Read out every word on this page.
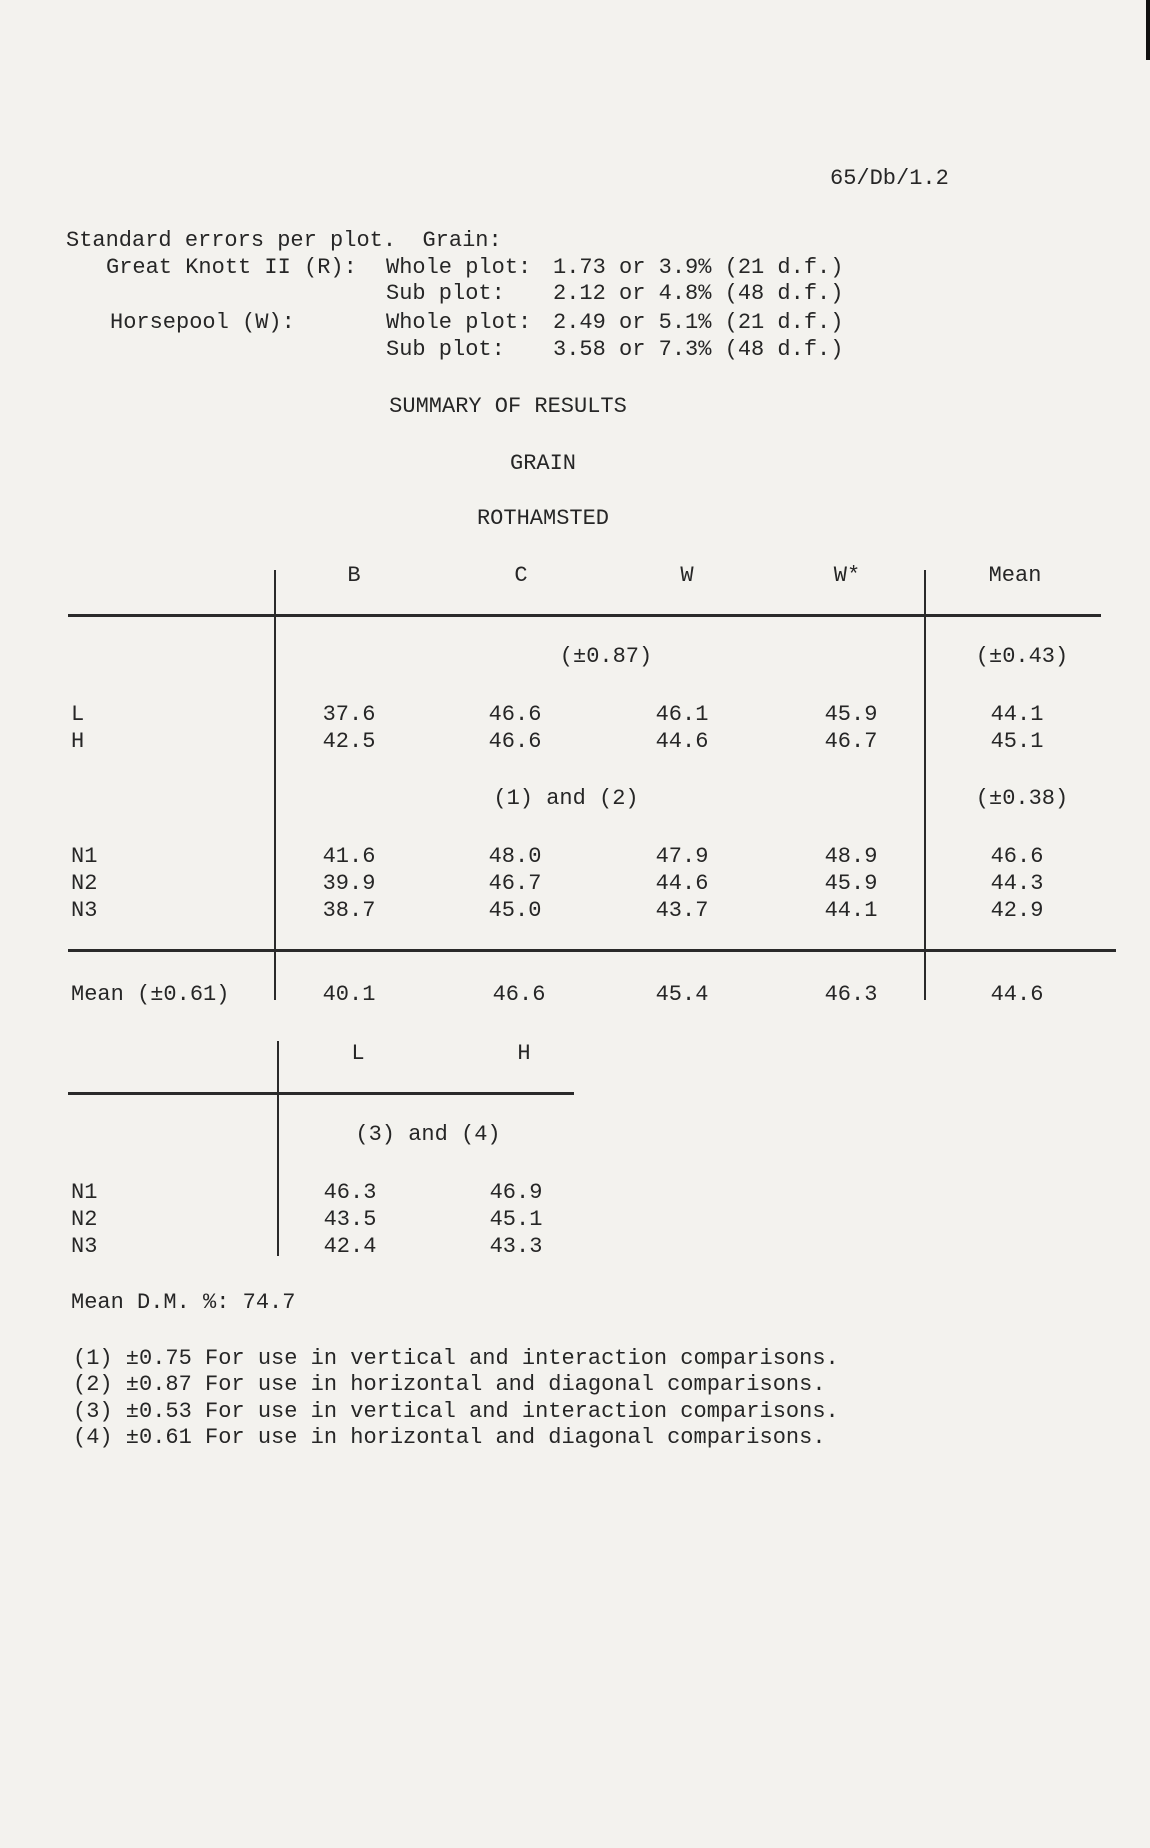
65/Db/1.2
Standard errors per plot.  Grain:
Great Knott II (R): Whole plot: 1.73 or 3.9% (21 d.f.)
Sub plot: 2.12 or 4.8% (48 d.f.)
Horsepool (W):	Whole plot: 2.49 or 5.1% (21 d.f.)
Sub plot: 3.58 or 7.3% (48 d.f.)
SUMMARY OF RESULTS
GRAIN
ROTHAMSTED
B	C	W	W*	Mean
(±0.87)	(±0.43)
L	37.6	46.6	46.1	45.9	44.1
H	42.5	46.6	44.6	46.7	45.1
(1) and (2)	(±0.38)
N1	41.6	48.0	47.9	48.9	46.6
N2	39.9	46.7	44.6	45.9	44.3
N3	38.7	45.0	43.7	44.1	42.9
Mean (±0.61)	40.1	46.6	45.4	46.3	44.6
L	H
(3) and (4)
N1	46.3	46.9
N2	43.5	45.1
N3	42.4	43.3
Mean D.M. %: 74.7
(1) ±0.75 For use in vertical and interaction comparisons.
(2) ±0.87 For use in horizontal and diagonal comparisons.
(3) ±0.53 For use in vertical and interaction comparisons.
(4) ±0.61 For use in horizontal and diagonal comparisons.
